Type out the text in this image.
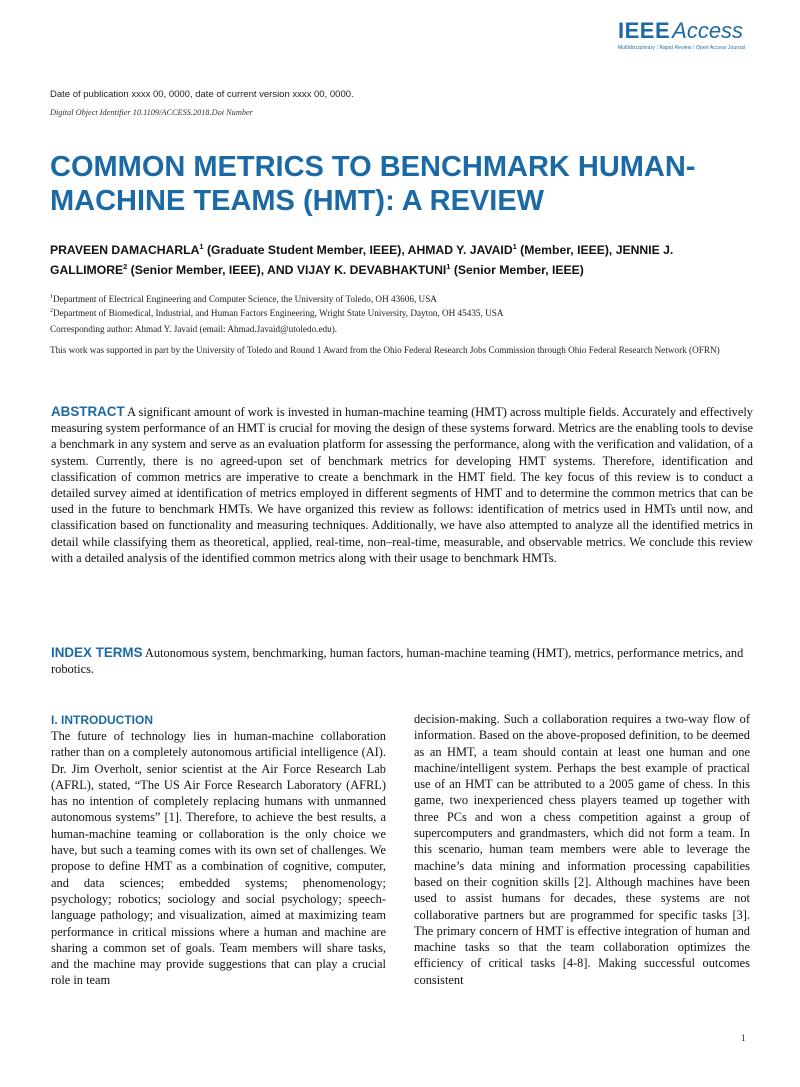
IEEEAccess
Multidisciplinary ⁞ Rapid Review ⁞ Open Access Journal
Date of publication xxxx 00, 0000, date of current version xxxx 00, 0000.
Digital Object Identifier 10.1109/ACCESS.2018.Doi Number
COMMON METRICS TO BENCHMARK HUMAN-MACHINE TEAMS (HMT): A REVIEW
PRAVEEN DAMACHARLA$^1$ (Graduate Student Member, IEEE), AHMAD Y. JAVAID$^1$ (Member, IEEE), JENNIE J. GALLIMORE$^2$ (Senior Member, IEEE), AND VIJAY K. DEVABHAKTUNI$^1$ (Senior Member, IEEE)
$^1$Department of Electrical Engineering and Computer Science, the University of Toledo, OH 43606, USA
$^2$Department of Biomedical, Industrial, and Human Factors Engineering, Wright State University, Dayton, OH 45435, USA
Corresponding author: Ahmad Y. Javaid (email: Ahmad.Javaid@utoledo.edu).
This work was supported in part by the University of Toledo and Round 1 Award from the Ohio Federal Research Jobs Commission through Ohio Federal Research Network (OFRN)

ABSTRACT A significant amount of work is invested in human-machine teaming (HMT) across multiple fields. Accurately and effectively measuring system performance of an HMT is crucial for moving the design of these systems forward. Metrics are the enabling tools to devise a benchmark in any system and serve as an evaluation platform for assessing the performance, along with the verification and validation, of a system. Currently, there is no agreed-upon set of benchmark metrics for developing HMT systems. Therefore, identification and classification of common metrics are imperative to create a benchmark in the HMT field. The key focus of this review is to conduct a detailed survey aimed at identification of metrics employed in different segments of HMT and to determine the common metrics that can be used in the future to benchmark HMTs. We have organized this review as follows: identification of metrics used in HMTs until now, and classification based on functionality and measuring techniques. Additionally, we have also attempted to analyze all the identified metrics in detail while classifying them as theoretical, applied, real-time, non–real-time, measurable, and observable metrics. We conclude this review with a detailed analysis of the identified common metrics along with their usage to benchmark HMTs.

INDEX TERMS Autonomous system, benchmarking, human factors, human-machine teaming (HMT), metrics, performance metrics, and robotics.

I. INTRODUCTION

The future of technology lies in human-machine collaboration rather than on a completely autonomous artificial intelligence (AI). Dr. Jim Overholt, senior scientist at the Air Force Research Lab (AFRL), stated, “The US Air Force Research Laboratory (AFRL) has no intention of completely replacing humans with unmanned autonomous systems” [1]. Therefore, to achieve the best results, a human-machine teaming or collaboration is the only choice we have, but such a teaming comes with its own set of challenges. We propose to define HMT as a combination of cognitive, computer, and data sciences; embedded systems; phenomenology; psychology; robotics; sociology and social psychology; speech-language pathology; and visualization, aimed at maximizing team performance in critical missions where a human and machine are sharing a common set of goals. Team members will share tasks, and the machine may provide suggestions that can play a crucial role in team

decision-making. Such a collaboration requires a two-way flow of information. Based on the above-proposed definition, to be deemed as an HMT, a team should contain at least one human and one machine/intelligent system. Perhaps the best example of practical use of an HMT can be attributed to a 2005 game of chess. In this game, two inexperienced chess players teamed up together with three PCs and won a chess competition against a group of supercomputers and grandmasters, which did not form a team. In this scenario, human team members were able to leverage the machine’s data mining and information processing capabilities based on their cognition skills [2]. Although machines have been used to assist humans for decades, these systems are not collaborative partners but are programmed for specific tasks [3]. The primary concern of HMT is effective integration of human and machine tasks so that the team collaboration optimizes the efficiency of critical tasks [4-8]. Making successful outcomes consistent

1
